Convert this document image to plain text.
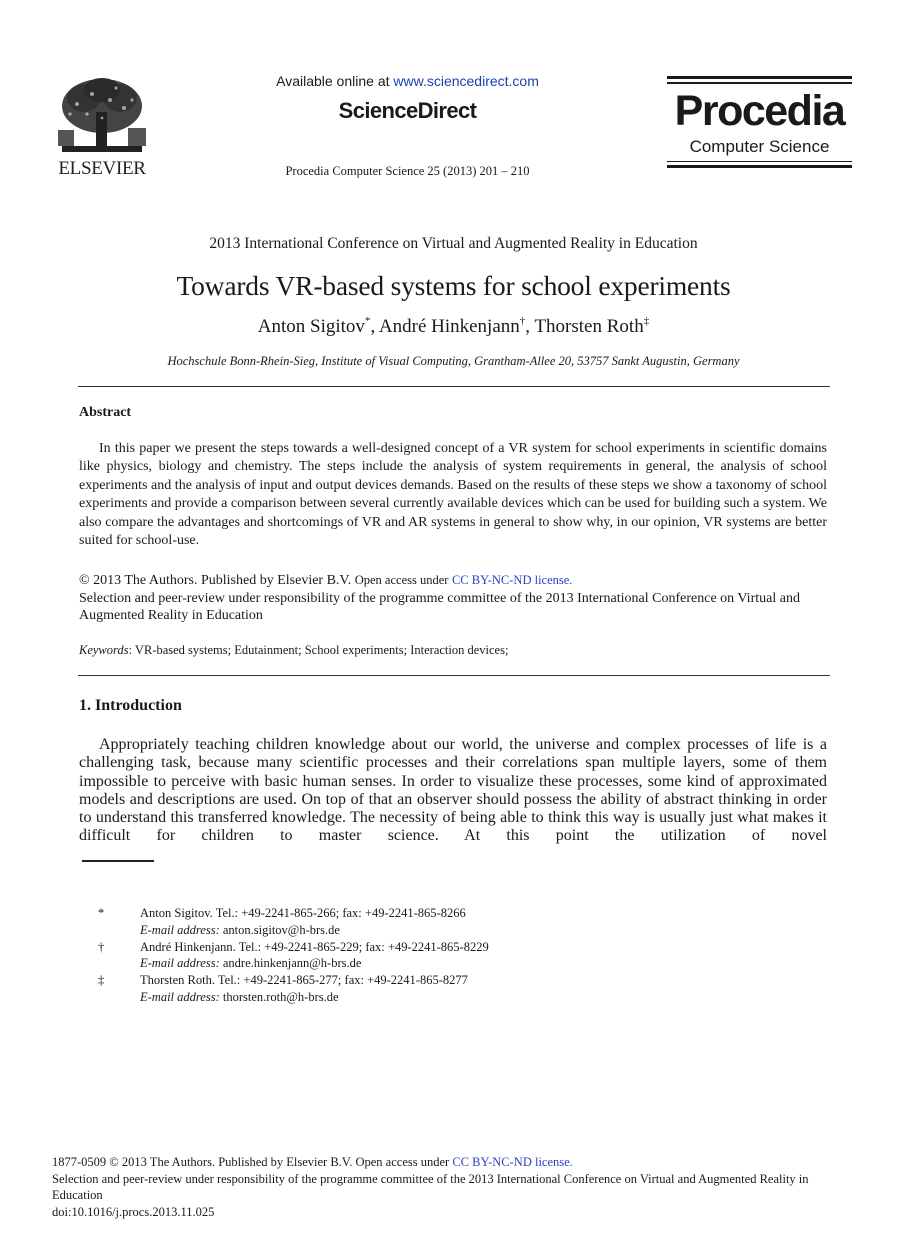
ELSEVIER
Available online at www.sciencedirect.com
ScienceDirect
Procedia Computer Science 25 (2013) 201 – 210
Procedia
Computer Science
2013 International Conference on Virtual and Augmented Reality in Education
Towards VR-based systems for school experiments
Anton Sigitov*, André Hinkenjann†, Thorsten Roth‡
Hochschule Bonn-Rhein-Sieg, Institute of Visual Computing, Grantham-Allee 20, 53757 Sankt Augustin, Germany
Abstract
In this paper we present the steps towards a well-designed concept of a VR system for school experiments in scientific domains like physics, biology and chemistry. The steps include the analysis of system requirements in general, the analysis of school experiments and the analysis of input and output devices demands. Based on the results of these steps we show a taxonomy of school experiments and provide a comparison between several currently available devices which can be used for building such a system. We also compare the advantages and shortcomings of VR and AR systems in general to show why, in our opinion, VR systems are better suited for school-use.
© 2013 The Authors. Published by Elsevier B.V. Open access under CC BY-NC-ND license.
Selection and peer-review under responsibility of the programme committee of the 2013 International Conference on Virtual and Augmented Reality in Education
Keywords: VR-based systems; Edutainment; School experiments; Interaction devices;
1. Introduction
Appropriately teaching children knowledge about our world, the universe and complex processes of life is a challenging task, because many scientific processes and their correlations span multiple layers, some of them impossible to perceive with basic human senses. In order to visualize these processes, some kind of approximated models and descriptions are used. On top of that an observer should possess the ability of abstract thinking in order to understand this transferred knowledge. The necessity of being able to think this way is usually just what makes it difficult for children to master science. At this point the utilization of novel
*	Anton Sigitov. Tel.: +49-2241-865-266; fax: +49-2241-865-8266
E-mail address: anton.sigitov@h-brs.de
†	André Hinkenjann. Tel.: +49-2241-865-229; fax: +49-2241-865-8229
E-mail address: andre.hinkenjann@h-brs.de
‡	Thorsten Roth. Tel.: +49-2241-865-277; fax: +49-2241-865-8277
E-mail address: thorsten.roth@h-brs.de
1877-0509 © 2013 The Authors. Published by Elsevier B.V. Open access under CC BY-NC-ND license.
Selection and peer-review under responsibility of the programme committee of the 2013 International Conference on Virtual and Augmented Reality in Education
doi:10.1016/j.procs.2013.11.025
